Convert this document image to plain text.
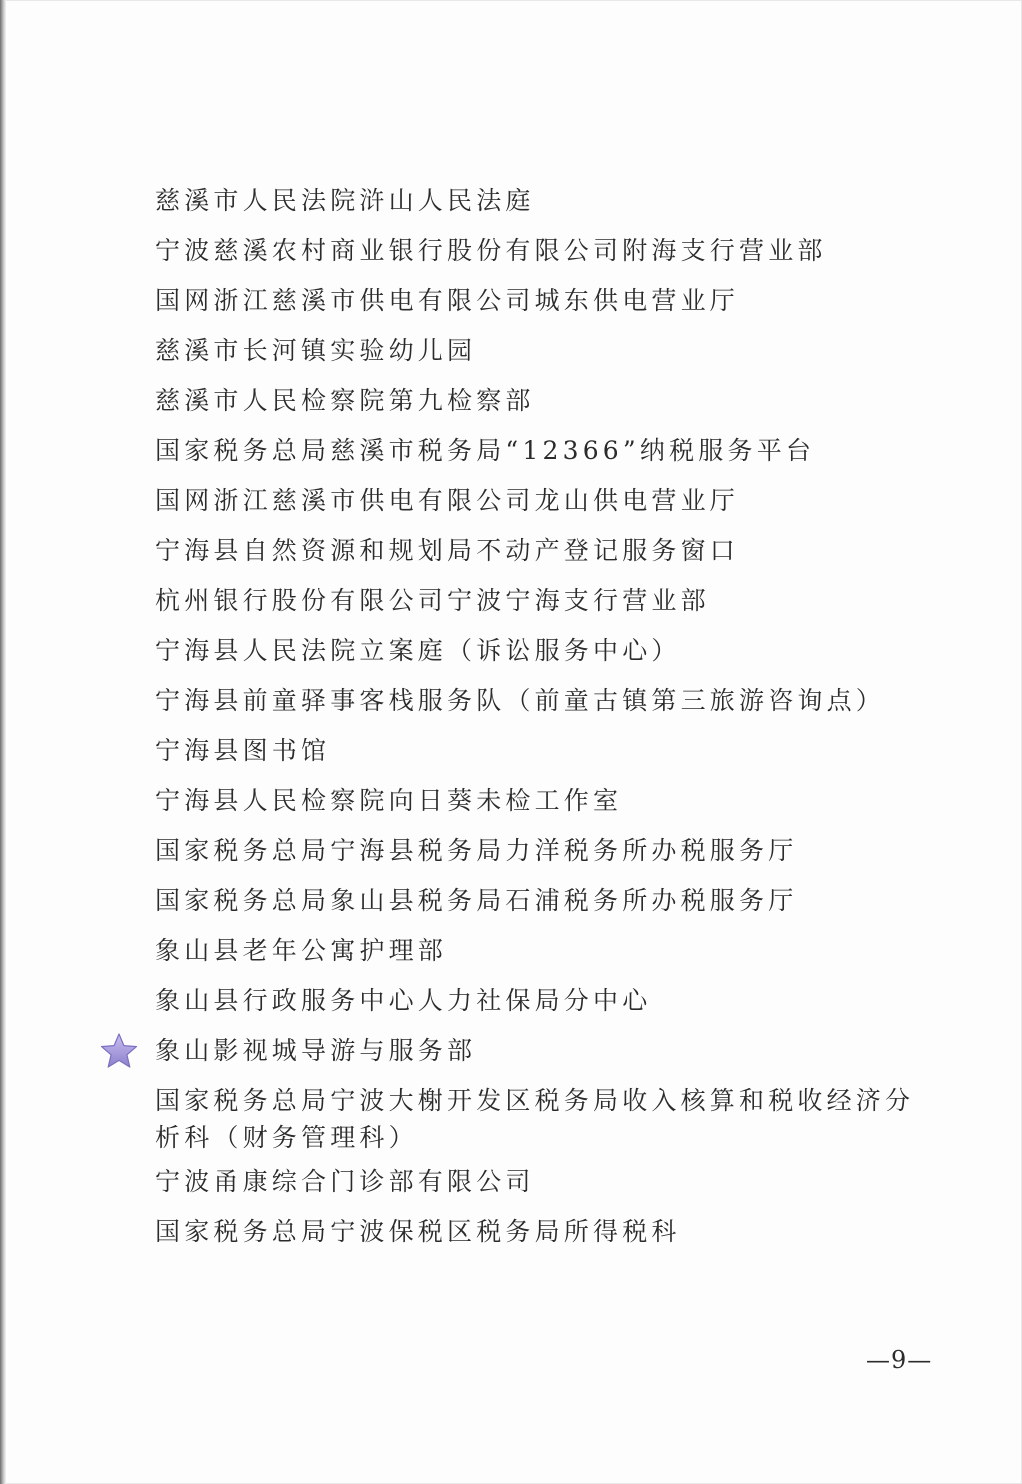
慈溪市人民法院浒山人民法庭
宁波慈溪农村商业银行股份有限公司附海支行营业部
国网浙江慈溪市供电有限公司城东供电营业厅
慈溪市长河镇实验幼儿园
慈溪市人民检察院第九检察部
国家税务总局慈溪市税务局“12366”纳税服务平台
国网浙江慈溪市供电有限公司龙山供电营业厅
宁海县自然资源和规划局不动产登记服务窗口
杭州银行股份有限公司宁波宁海支行营业部
宁海县人民法院立案庭（诉讼服务中心）
宁海县前童驿事客栈服务队（前童古镇第三旅游咨询点）
宁海县图书馆
宁海县人民检察院向日葵未检工作室
国家税务总局宁海县税务局力洋税务所办税服务厅
国家税务总局象山县税务局石浦税务所办税服务厅
象山县老年公寓护理部
象山县行政服务中心人力社保局分中心
象山影视城导游与服务部
国家税务总局宁波大榭开发区税务局收入核算和税收经济分析科（财务管理科）
宁波甬康综合门诊部有限公司
国家税务总局宁波保税区税务局所得税科
—9—
